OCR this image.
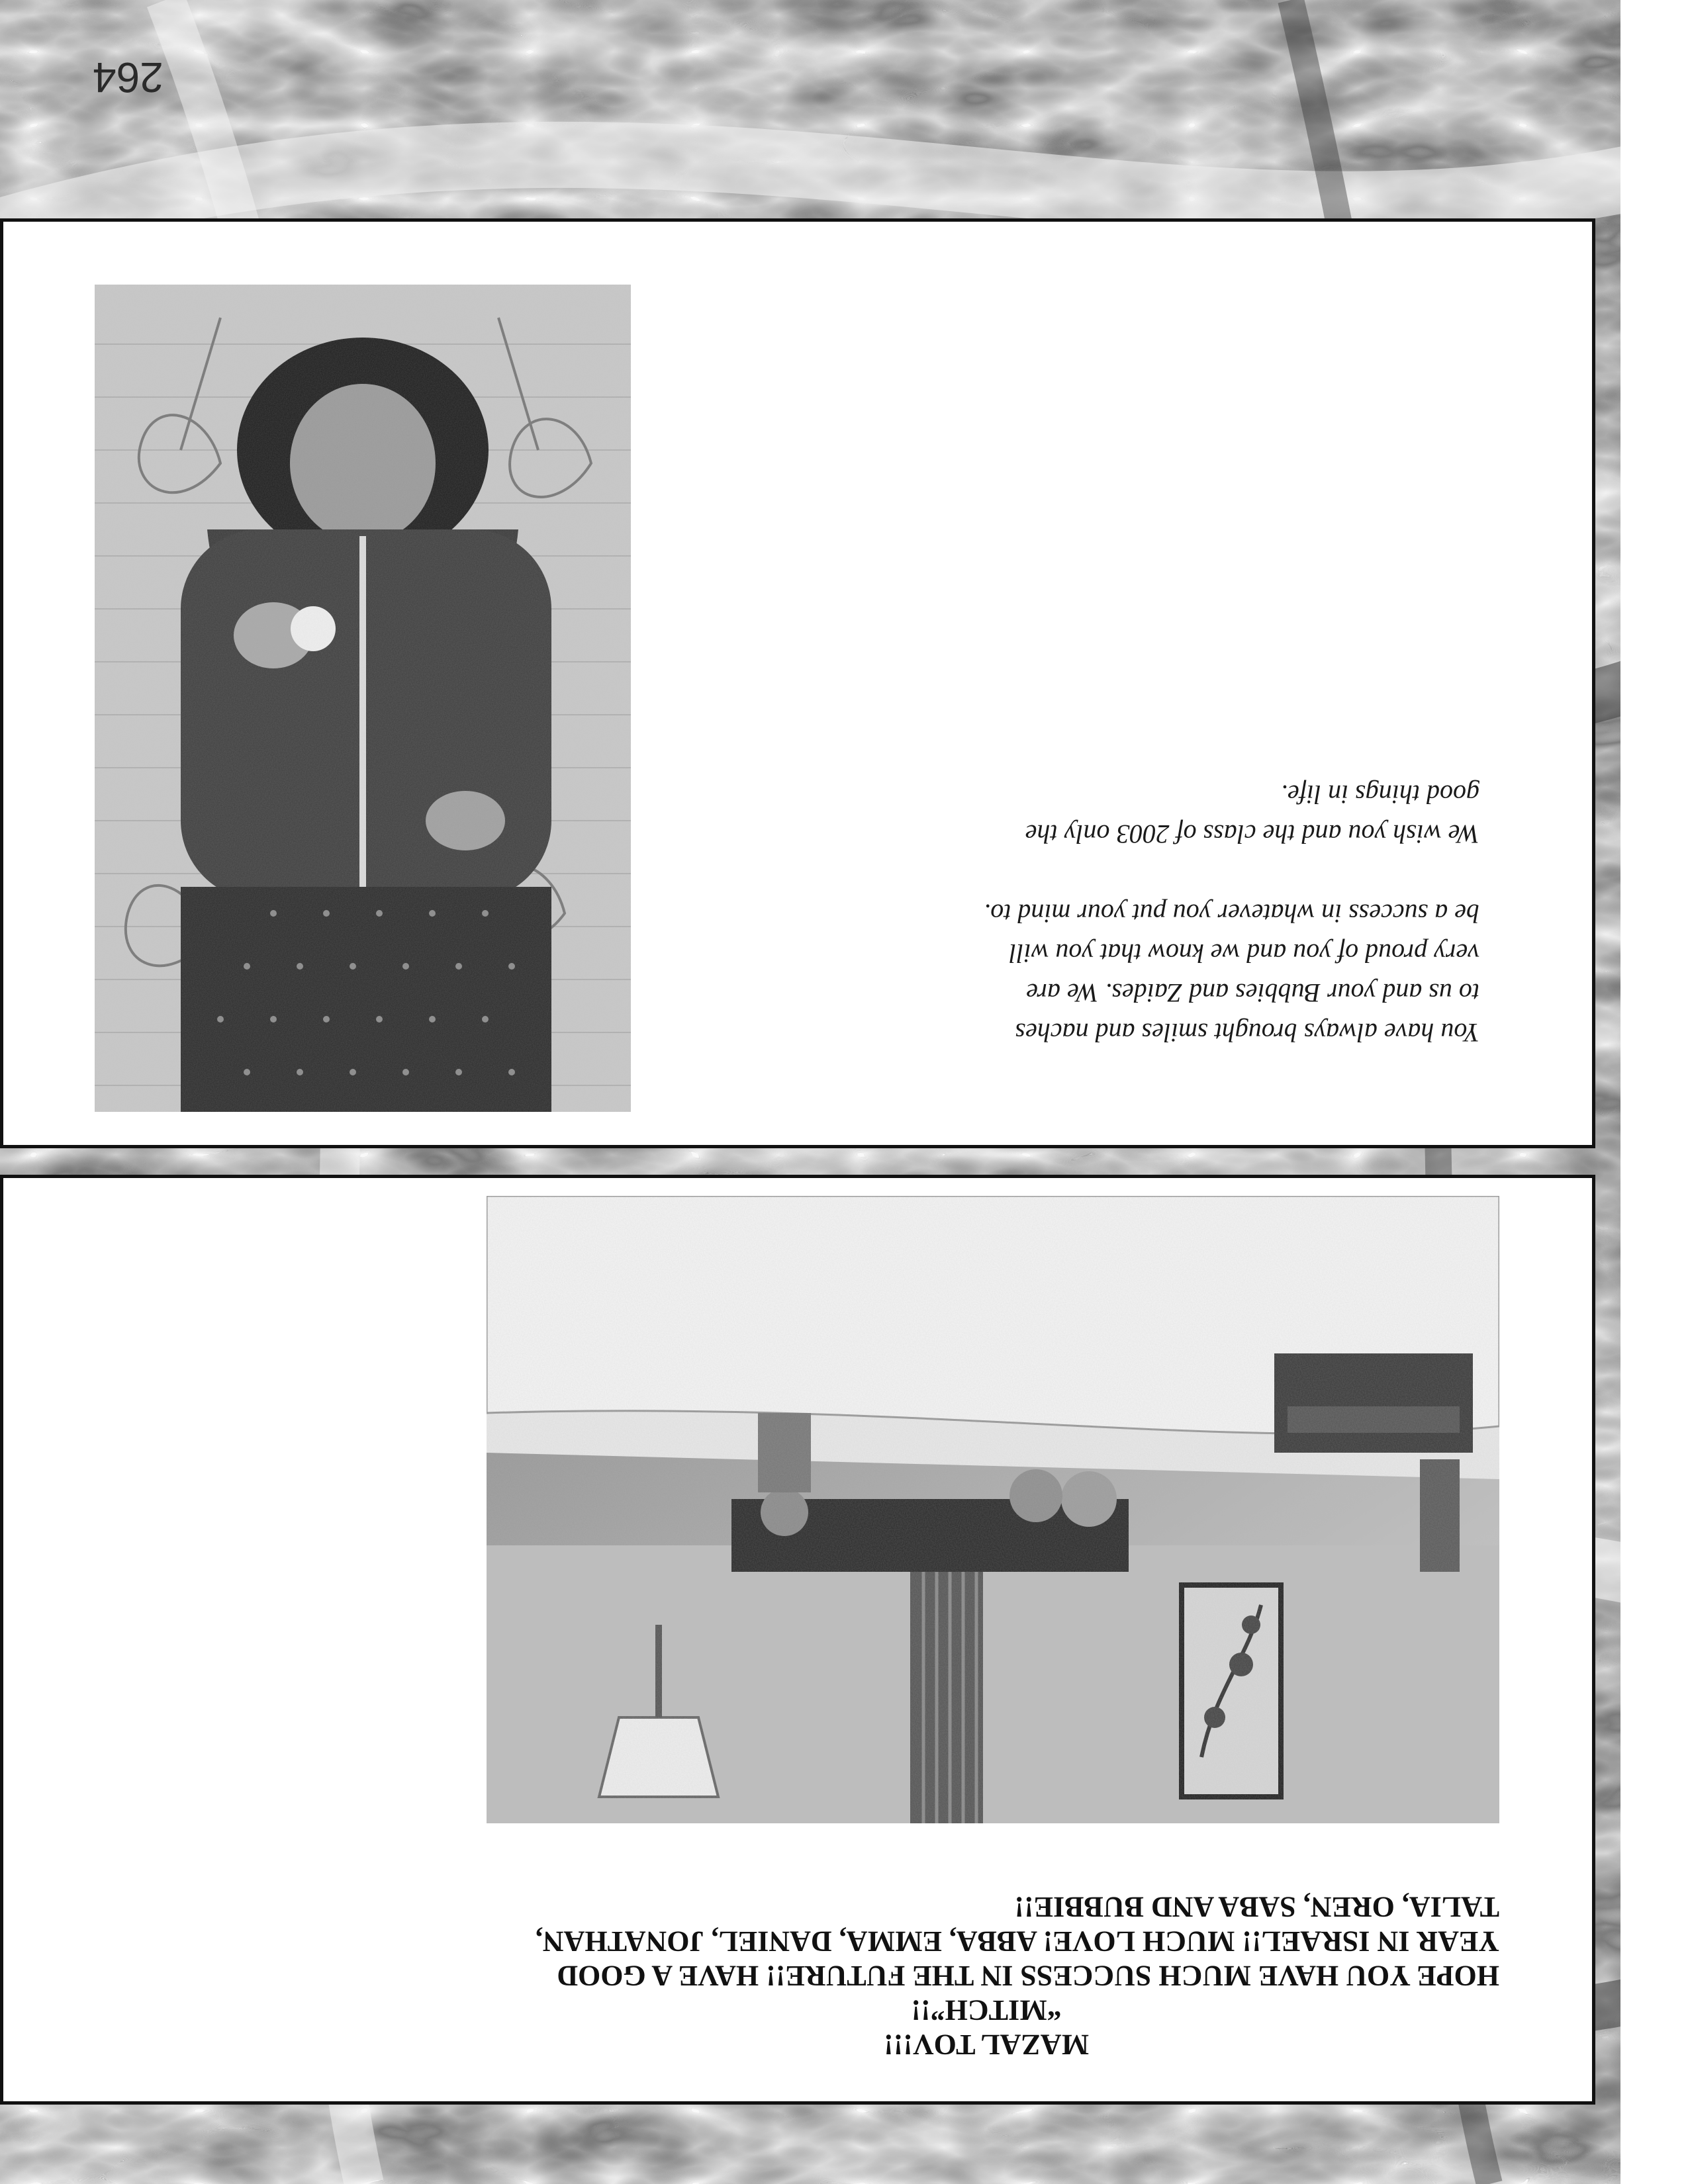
MAZAL TOV!!!
“MITCH”!!
HOPE YOU HAVE MUCH SUCCESS IN THE FUTURE!! HAVE A GOOD YEAR IN ISRAEL!! MUCH LOVE! ABBA, EMMA, DANIEL, JONATHAN, TALIA, OREN, SABA AND BUBBIE!!
You have always brought smiles and naches
to us and your Bubbies and Zaides. We are
very proud of you and we know that you will
be a success in whatever you put your mind to.
We wish you and the class of 2003 only the
good things in life.

264
